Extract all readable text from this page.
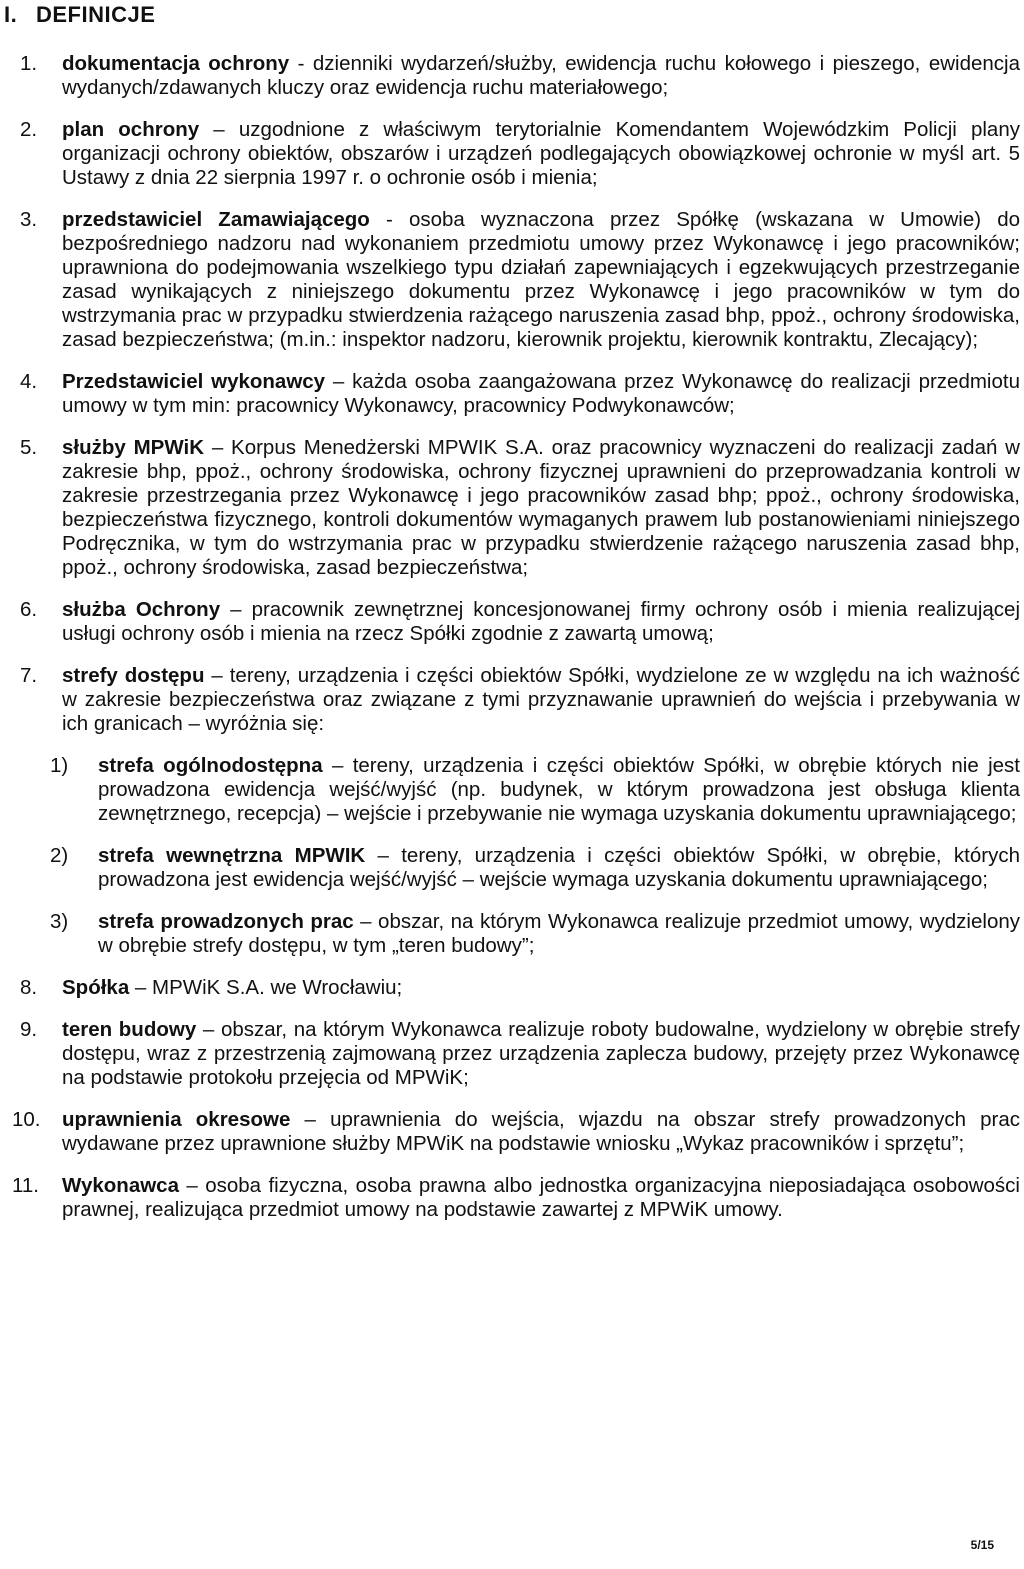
I. DEFINICJE
1. dokumentacja ochrony - dzienniki wydarzeń/służby, ewidencja ruchu kołowego i pieszego, ewidencja wydanych/zdawanych kluczy oraz ewidencja ruchu materiałowego;
2. plan ochrony – uzgodnione z właściwym terytorialnie Komendantem Wojewódzkim Policji plany organizacji ochrony obiektów, obszarów i urządzeń podlegających obowiązkowej ochronie w myśl art. 5 Ustawy z dnia 22 sierpnia 1997 r. o ochronie osób i mienia;
3. przedstawiciel Zamawiającego - osoba wyznaczona przez Spółkę (wskazana w Umowie) do bezpośredniego nadzoru nad wykonaniem przedmiotu umowy przez Wykonawcę i jego pracowników; uprawniona do podejmowania wszelkiego typu działań zapewniających i egzekwujących przestrzeganie zasad wynikających z niniejszego dokumentu przez Wykonawcę i jego pracowników w tym do wstrzymania prac w przypadku stwierdzenia rażącego naruszenia zasad bhp, ppoż., ochrony środowiska, zasad bezpieczeństwa; (m.in.: inspektor nadzoru, kierownik projektu, kierownik kontraktu, Zlecający);
4. Przedstawiciel wykonawcy – każda osoba zaangażowana przez Wykonawcę do realizacji przedmiotu umowy w tym min: pracownicy Wykonawcy, pracownicy Podwykonawców;
5. służby MPWiK – Korpus Menedżerski MPWIK S.A. oraz pracownicy wyznaczeni do realizacji zadań w zakresie bhp, ppoż., ochrony środowiska, ochrony fizycznej uprawnieni do przeprowadzania kontroli w zakresie przestrzegania przez Wykonawcę i jego pracowników zasad bhp; ppoż., ochrony środowiska, bezpieczeństwa fizycznego, kontroli dokumentów wymaganych prawem lub postanowieniami niniejszego Podręcznika, w tym do wstrzymania prac w przypadku stwierdzenie rażącego naruszenia zasad bhp, ppoż., ochrony środowiska, zasad bezpieczeństwa;
6. służba Ochrony – pracownik zewnętrznej koncesjonowanej firmy ochrony osób i mienia realizującej usługi ochrony osób i mienia na rzecz Spółki zgodnie z zawartą umową;
7. strefy dostępu – tereny, urządzenia i części obiektów Spółki, wydzielone ze w względu na ich ważność w zakresie bezpieczeństwa oraz związane z tymi przyznawanie uprawnień do wejścia i przebywania w ich granicach – wyróżnia się:
1) strefa ogólnodostępna – tereny, urządzenia i części obiektów Spółki, w obrębie których nie jest prowadzona ewidencja wejść/wyjść (np. budynek, w którym prowadzona jest obsługa klienta zewnętrznego, recepcja) – wejście i przebywanie nie wymaga uzyskania dokumentu uprawniającego;
2) strefa wewnętrzna MPWIK – tereny, urządzenia i części obiektów Spółki, w obrębie, których prowadzona jest ewidencja wejść/wyjść – wejście wymaga uzyskania dokumentu uprawniającego;
3) strefa prowadzonych prac – obszar, na którym Wykonawca realizuje przedmiot umowy, wydzielony w obrębie strefy dostępu, w tym „teren budowy”;
8. Spółka – MPWiK S.A. we Wrocławiu;
9. teren budowy – obszar, na którym Wykonawca realizuje roboty budowalne, wydzielony w obrębie strefy dostępu, wraz z przestrzenią zajmowaną przez urządzenia zaplecza budowy, przejęty przez Wykonawcę na podstawie protokołu przejęcia od MPWiK;
10. uprawnienia okresowe – uprawnienia do wejścia, wjazdu na obszar strefy prowadzonych prac wydawane przez uprawnione służby MPWiK na podstawie wniosku „Wykaz pracowników i sprzętu”;
11. Wykonawca – osoba fizyczna, osoba prawna albo jednostka organizacyjna nieposiadająca osobowości prawnej, realizująca przedmiot umowy na podstawie zawartej z MPWiK umowy.
5/15
